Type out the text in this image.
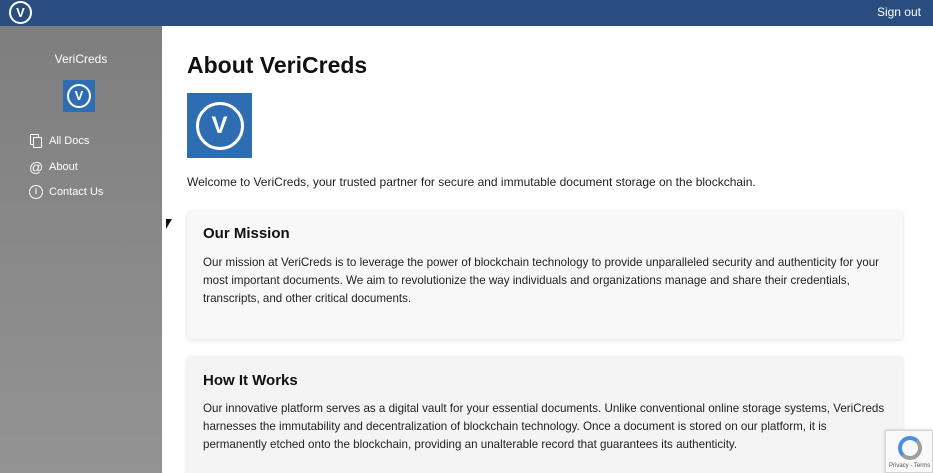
V	Sign out
VeriCreds
V
All Docs
@ About
i	Contact Us
About VeriCreds
V
Welcome to VeriCreds, your trusted partner for secure and immutable document storage on the blockchain.
Our Mission

Our mission at VeriCreds is to leverage the power of blockchain technology to provide unparalleled security and authenticity for your most important documents. We aim to revolutionize the way individuals and organizations manage and share their credentials, transcripts, and other critical documents.

How It Works

Our innovative platform serves as a digital vault for your essential documents. Unlike conventional online storage systems, VeriCreds harnesses the immutability and decentralization of blockchain technology. Once a document is stored on our platform, it is permanently etched onto the blockchain, providing an unalterable record that guarantees its authenticity.

Privacy - Terms
